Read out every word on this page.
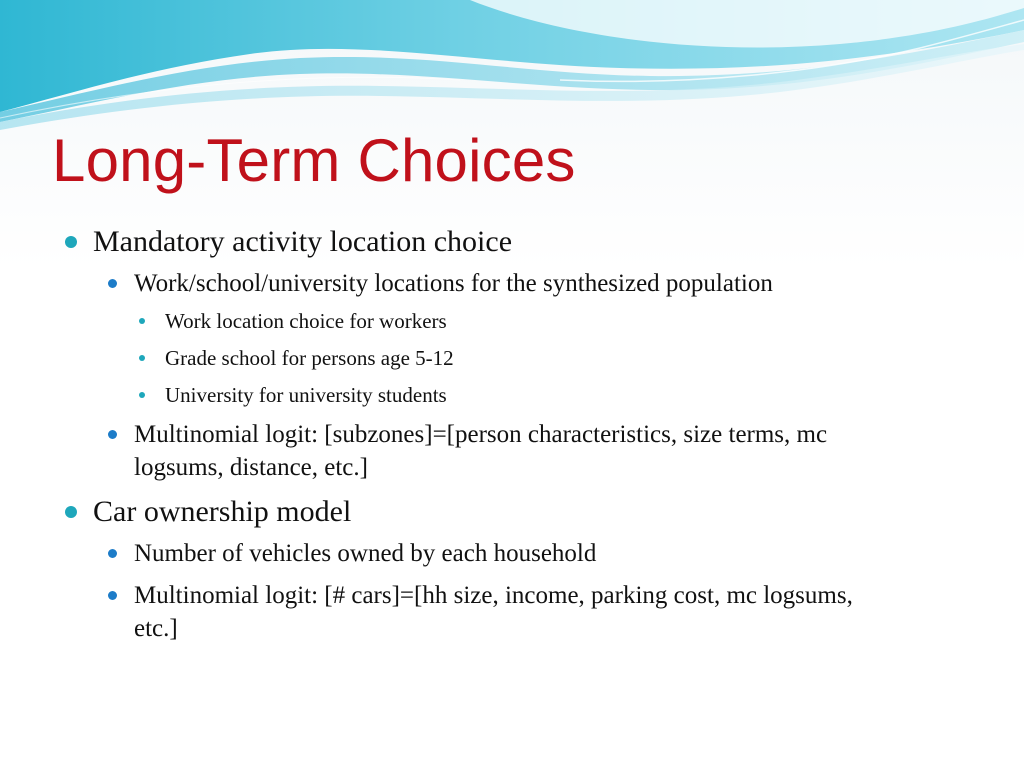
Long-Term Choices
Mandatory activity location choice
Work/school/university locations for the synthesized population
Work location choice for workers
Grade school for persons age 5-12
University for university students
Multinomial logit: [subzones]=[person characteristics, size terms, mc logsums, distance, etc.]
Car ownership model
Number of vehicles owned by each household
Multinomial logit: [# cars]=[hh size, income, parking cost, mc logsums, etc.]
